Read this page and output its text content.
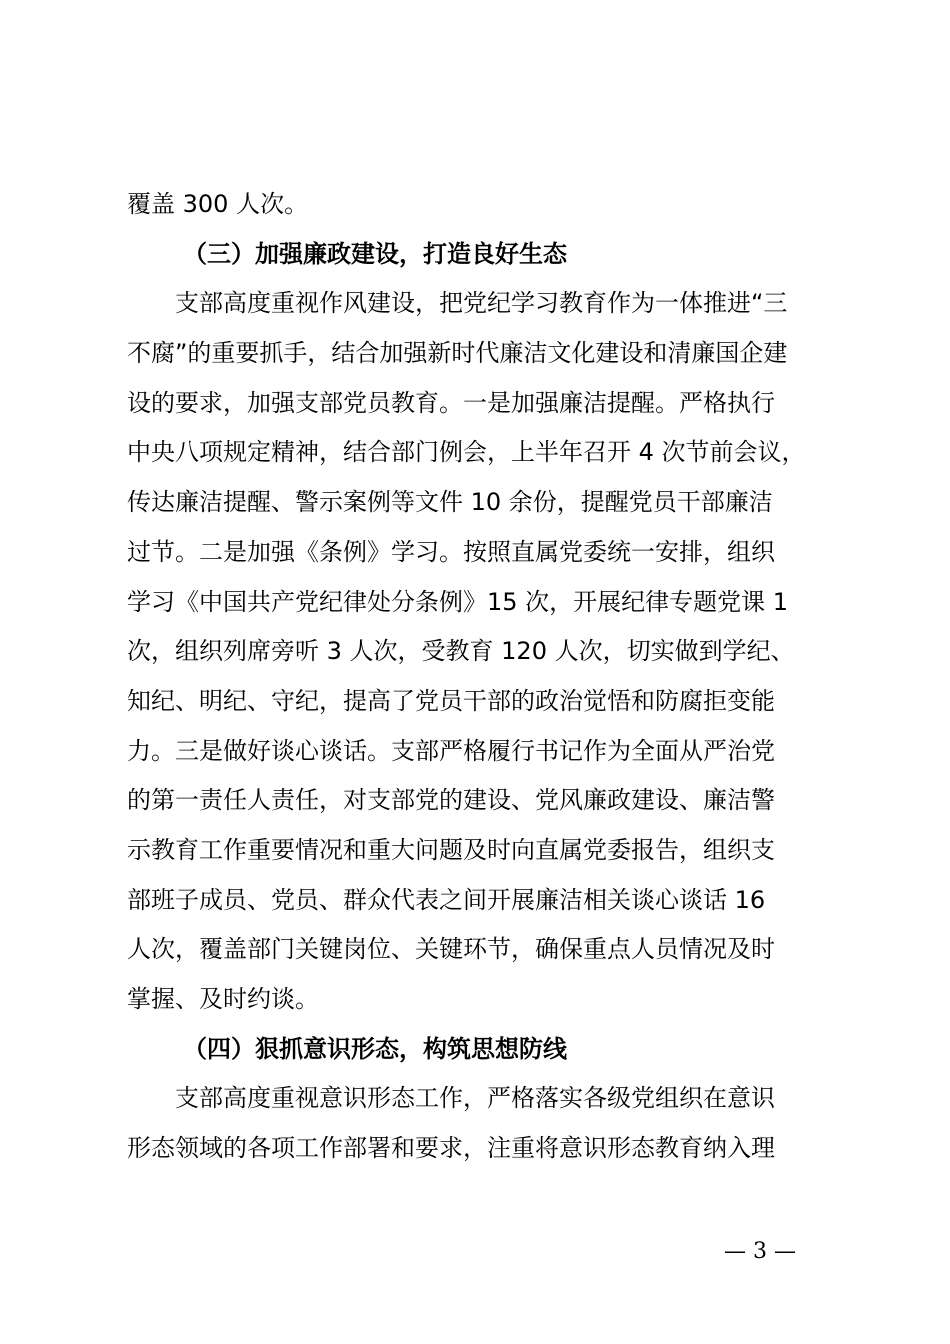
覆盖 300 人次。
（三）加强廉政建设，打造良好生态
支部高度重视作风建设，把党纪学习教育作为一体推进“三
不腐”的重要抓手，结合加强新时代廉洁文化建设和清廉国企建
设的要求，加强支部党员教育。一是加强廉洁提醒。严格执行
中央八项规定精神，结合部门例会，上半年召开 4 次节前会议，
传达廉洁提醒、警示案例等文件 10 余份，提醒党员干部廉洁
过节。二是加强《条例》学习。按照直属党委统一安排，组织
学习《中国共产党纪律处分条例》15 次，开展纪律专题党课 1
次，组织列席旁听 3 人次，受教育 120 人次，切实做到学纪、
知纪、明纪、守纪，提高了党员干部的政治觉悟和防腐拒变能
力。三是做好谈心谈话。支部严格履行书记作为全面从严治党
的第一责任人责任，对支部党的建设、党风廉政建设、廉洁警
示教育工作重要情况和重大问题及时向直属党委报告，组织支
部班子成员、党员、群众代表之间开展廉洁相关谈心谈话 16
人次，覆盖部门关键岗位、关键环节，确保重点人员情况及时
掌握、及时约谈。
（四）狠抓意识形态，构筑思想防线
支部高度重视意识形态工作，严格落实各级党组织在意识
形态领域的各项工作部署和要求，注重将意识形态教育纳入理
— 3 —
